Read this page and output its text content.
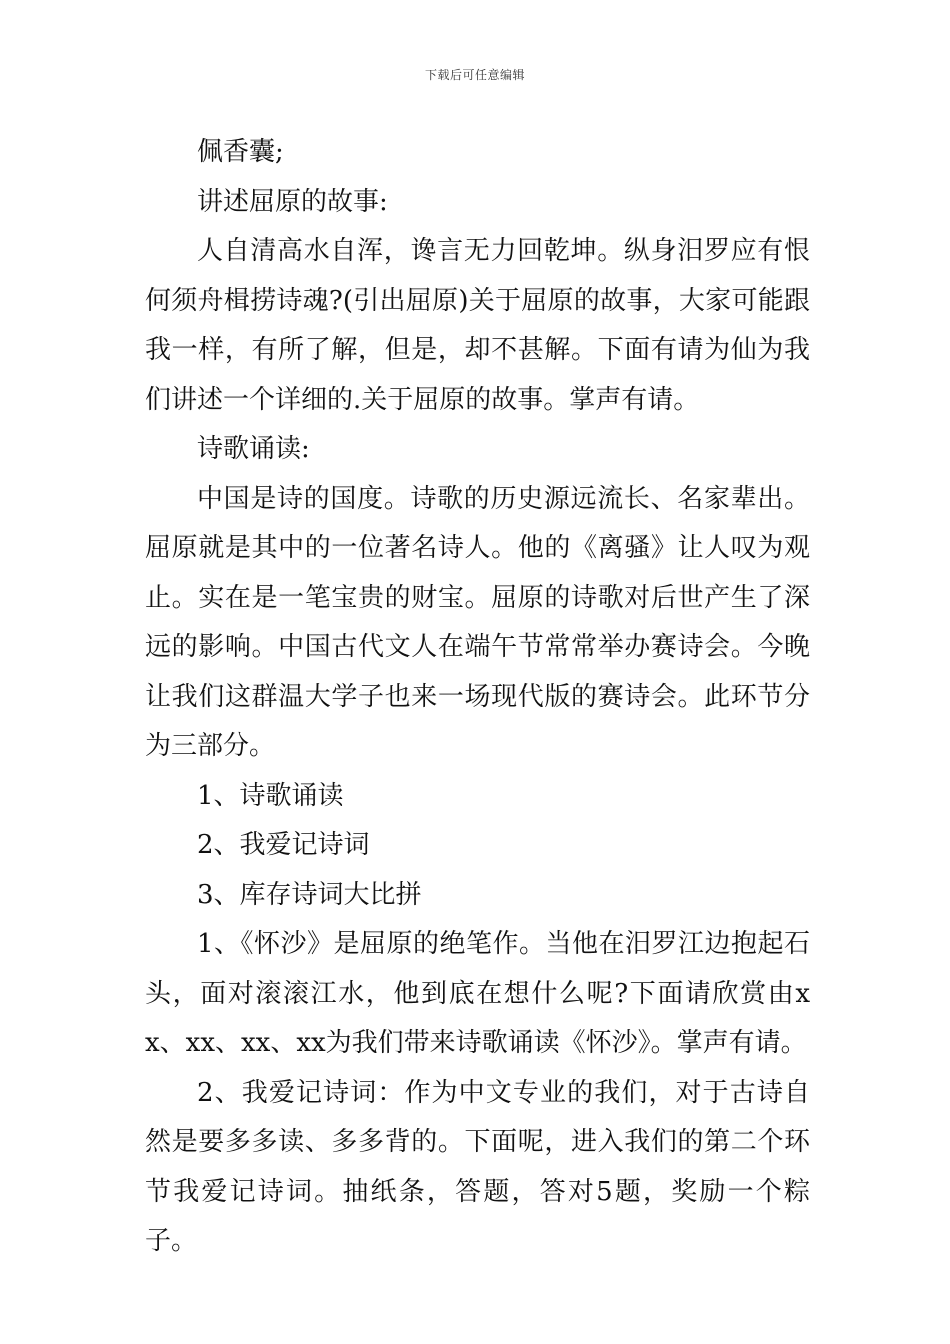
下载后可任意编辑

佩香囊;

讲述屈原的故事:

人自清高水自浑，谗言无力回乾坤。纵身汨罗应有恨何须舟楫捞诗魂?(引出屈原)关于屈原的故事，大家可能跟我一样，有所了解，但是，却不甚解。下面有请为仙为我们讲述一个详细的.关于屈原的故事。掌声有请。

诗歌诵读:

中国是诗的国度。诗歌的历史源远流长、名家辈出。屈原就是其中的一位著名诗人。他的《离骚》让人叹为观止。实在是一笔宝贵的财宝。屈原的诗歌对后世产生了深远的影响。中国古代文人在端午节常常举办赛诗会。今晚让我们这群温大学子也来一场现代版的赛诗会。此环节分为三部分。

1、诗歌诵读

2、我爱记诗词

3、库存诗词大比拼

1、《怀沙》是屈原的绝笔作。当他在汨罗江边抱起石头，面对滚滚江水，他到底在想什么呢?下面请欣赏由xx、xx、xx、xx为我们带来诗歌诵读《怀沙》。掌声有请。

2、我爱记诗词：作为中文专业的我们，对于古诗自然是要多多读、多多背的。下面呢，进入我们的第二个环节我爱记诗词。抽纸条，答题，答对5题，奖励一个粽子。
